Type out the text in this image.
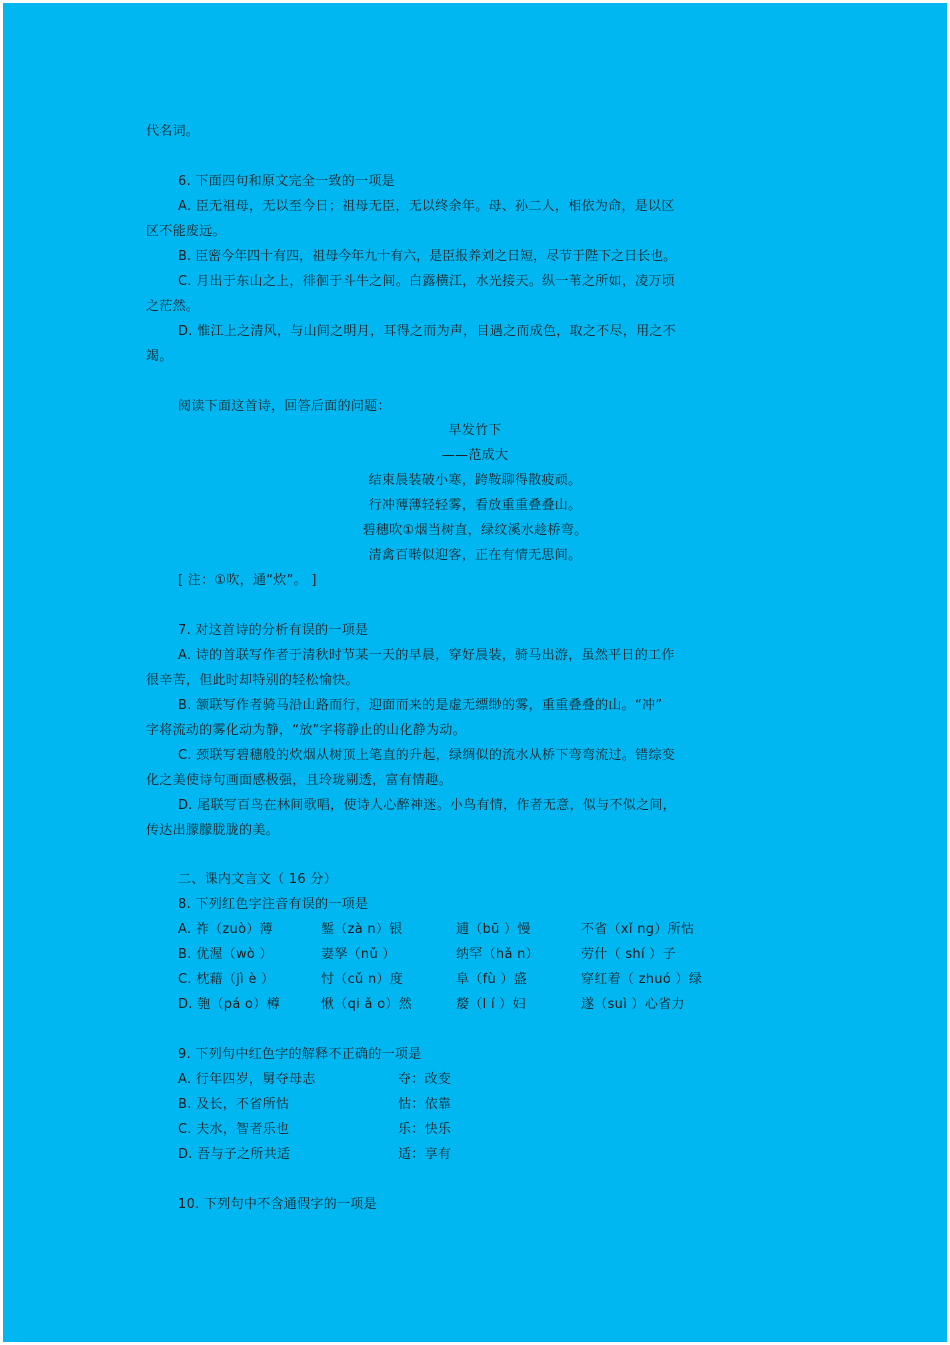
代名词。
6. 下面四句和原文完全一致的一项是
A. 臣无祖母，无以至今日；祖母无臣，无以终余年。母、孙二人，相依为命，是以区
区不能废远。
B. 臣密今年四十有四，祖母今年九十有六，是臣报养刘之日短，尽节于陛下之日长也。
C. 月出于东山之上，徘徊于斗牛之间。白露横江，水光接天。纵一苇之所如，凌万顷
之茫然。
D. 惟江上之清风，与山间之明月，耳得之而为声，目遇之而成色，取之不尽，用之不
竭。
阅读下面这首诗，回答后面的问题：
早发竹下
——范成大
结束晨装破小寒，跨鞍聊得散疲顽。
行冲薄薄轻轻雾，看放重重叠叠山。
碧穗吹①烟当树直，绿纹溪水趁桥弯。
清禽百啭似迎客，正在有情无思间。
[ 注：①吹，通“炊”。 ]
7. 对这首诗的分析有误的一项是
A. 诗的首联写作者于清秋时节某一天的早晨，穿好晨装，骑马出游，虽然平日的工作
很辛苦，但此时却特别的轻松愉快。
B. 颔联写作者骑马沿山路而行，迎面而来的是虚无缥缈的雾，重重叠叠的山。“冲”
字将流动的雾化动为静，“放”字将静止的山化静为动。
C. 颈联写碧穗般的炊烟从树顶上笔直的升起，绿绸似的流水从桥下弯弯流过。错综变
化之美使诗句画面感极强，且玲珑剔透，富有情趣。
D. 尾联写百鸟在林间歌唱，使诗人心醉神迷。小鸟有情，作者无意，似与不似之间，
传达出朦朦胧胧的美。
二、课内文言文（ 16 分）
8. 下列红色字注音有误的一项是
A. 祚（zuò）薄	錾（zà n）银	逋（bū ）慢	不省（xǐ ng）所怙
B. 优渥（wò ）	妻孥（nǔ ）	纳罕（hǎ n）	劳什（ shí ）子
C. 枕藉（jì è ）	忖（cǔ n）度	阜（fù ）盛	穿红着（ zhuó ）绿
D. 匏（pá o）樽	愀（qi ǎ o）然	嫠（l í ）妇	遂（suì ）心省力
9. 下列句中红色字的解释不正确的一项是
A. 行年四岁，舅夺母志	夺：改变
B. 及长，不省所怙	怙：依靠
C. 夫水，智者乐也	乐：快乐
D. 吾与子之所共适	适：享有
10. 下列句中不含通假字的一项是
